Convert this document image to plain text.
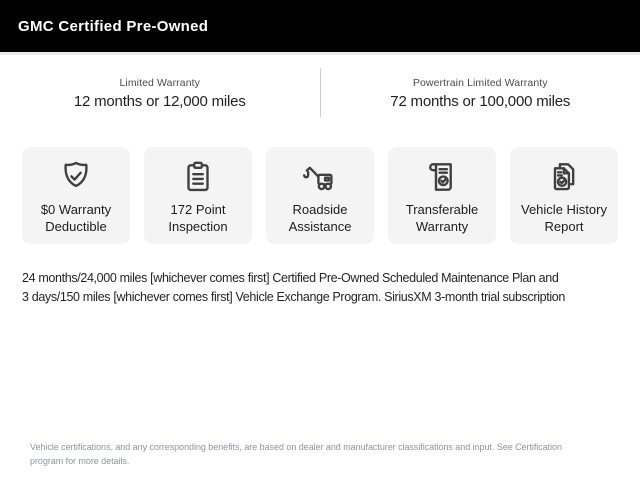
GMC Certified Pre-Owned
Limited Warranty
12 months or 12,000 miles
Powertrain Limited Warranty
72 months or 100,000 miles
$0 Warranty Deductible
172 Point Inspection
Roadside Assistance
Transferable Warranty
Vehicle History Report
24 months/24,000 miles [whichever comes first] Certified Pre-Owned Scheduled Maintenance Plan and
3 days/150 miles [whichever comes first] Vehicle Exchange Program. SiriusXM 3-month trial subscription
Vehicle certifications, and any corresponding benefits, are based on dealer and manufacturer classifications and input. See Certification
program for more details.
